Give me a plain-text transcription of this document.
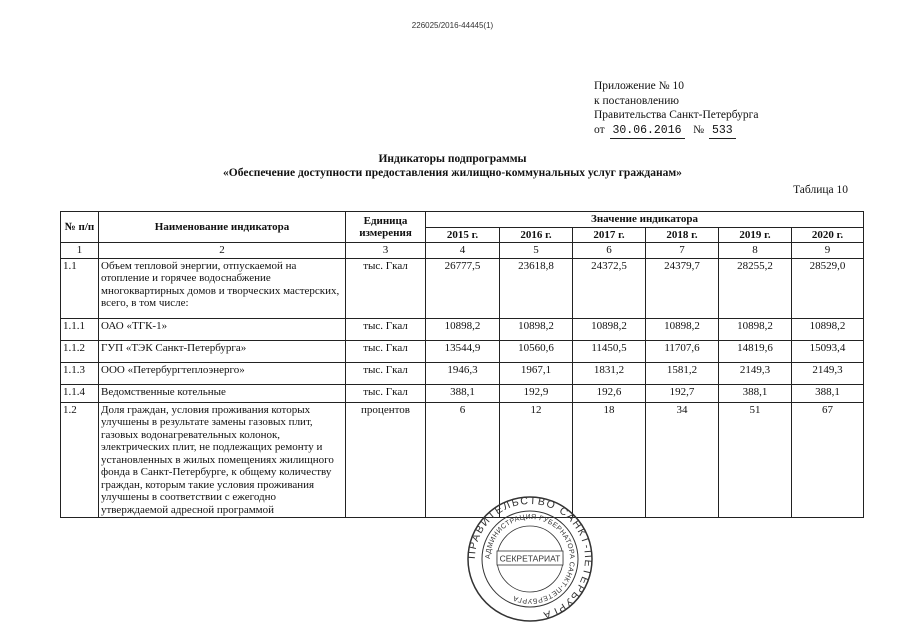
226025/2016-44445(1)
Приложение № 10
к постановлению
Правительства Санкт-Петербурга
от 30.06.2016 № 533
Индикаторы подпрограммы
«Обеспечение доступности предоставления жилищно-коммунальных услуг гражданам»
Таблица 10
№ п/п	Наименование индикатора	Единица измерения	Значение индикатора					
			2015 г.	2016 г.	2017 г.	2018 г.	2019 г.	2020 г.
1	2	3	4	5	6	7	8	9
1.1	Объем тепловой энергии, отпускаемой на отопление и горячее водоснабжение многоквартирных домов и творческих мастерских, всего, в том числе:	тыс. Гкал	26777,5	23618,8	24372,5	24379,7	28255,2	28529,0
1.1.1	ОАО «ТГК-1»	тыс. Гкал	10898,2	10898,2	10898,2	10898,2	10898,2	10898,2
1.1.2	ГУП «ТЭК Санкт-Петербурга»	тыс. Гкал	13544,9	10560,6	11450,5	11707,6	14819,6	15093,4
1.1.3	ООО «Петербургтеплоэнерго»	тыс. Гкал	1946,3	1967,1	1831,2	1581,2	2149,3	2149,3
1.1.4	Ведомственные котельные	тыс. Гкал	388,1	192,9	192,6	192,7	388,1	388,1
1.2	Доля граждан, условия проживания которых улучшены в результате замены газовых плит, газовых водонагревательных колонок, электрических плит, не подлежащих ремонту и установленных в жилых помещениях жилищного фонда в Санкт-Петербурге, к общему количеству граждан, которым такие условия проживания улучшены в соответствии с ежегодно утверждаемой адресной программой	процентов	6	12	18	34	51	67
ПРАВИТЕЛЬСТВО САНКТ-ПЕТЕРБУРГА
АДМИНИСТРАЦИЯ ГУБЕРНАТОРА САНКТ-ПЕТЕРБУРГА
СЕКРЕТАРИАТ
